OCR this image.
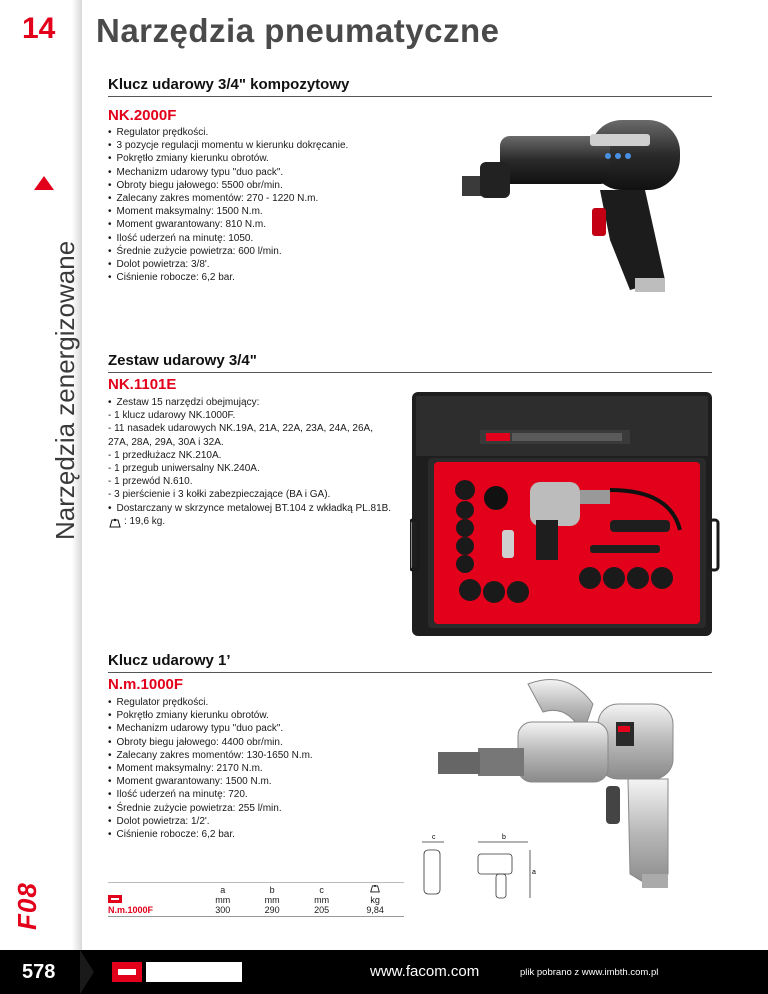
14
Narzędzia zenergizowane
F08
Narzędzia pneumatyczne
Klucz udarowy 3/4" kompozytowy
NK.2000F
• Regulator prędkości.
• 3 pozycje regulacji momentu w kierunku dokręcanie.
• Pokrętło zmiany kierunku obrotów.
• Mechanizm udarowy typu "duo pack".
• Obroty biegu jałowego: 5500 obr/min.
• Zalecany zakres momentów: 270 - 1220 N.m.
• Moment maksymalny: 1500 N.m.
• Moment gwarantowany: 810 N.m.
• Ilość uderzeń na minutę: 1050.
• Średnie zużycie powietrza: 600 l/min.
• Dolot powietrza: 3/8'.
• Ciśnienie robocze: 6,2 bar.
Zestaw udarowy 3/4"
NK.1101E
• Zestaw 15 narzędzi obejmujący:
- 1 klucz udarowy NK.1000F.
- 11 nasadek udarowych NK.19A, 21A, 22A, 23A, 24A, 26A,
27A, 28A, 29A, 30A i 32A.
- 1 przedłużacz NK.210A.
- 1 przegub uniwersalny NK.240A.
- 1 przewód N.610.
- 3 pierścienie i 3 kołki zabezpieczające (BA i GA).
• Dostarczany w skrzynce metalowej BT.104 z wkładką PL.81B.
: 19,6 kg.
Klucz udarowy 1’
N.m.1000F
• Regulator prędkości.
• Pokrętło zmiany kierunku obrotów.
• Mechanizm udarowy typu "duo pack".
• Obroty biegu jałowego: 4400 obr/min.
• Zalecany zakres momentów: 130-1650 N.m.
• Moment maksymalny: 2170 N.m.
• Moment gwarantowany: 1500 N.m.
• Ilość uderzeń na minutę: 720.
• Średnie zużycie powietrza: 255 l/min.
• Dolot powietrza: 1/2'.
• Ciśnienie robocze: 6,2 bar.	c	b
a
	a	b	c	
	mm	mm	mm	kg
N.m.1000F	300	290	205	9,84
578	www.facom.com	plik pobrano z www.imbth.com.pl
